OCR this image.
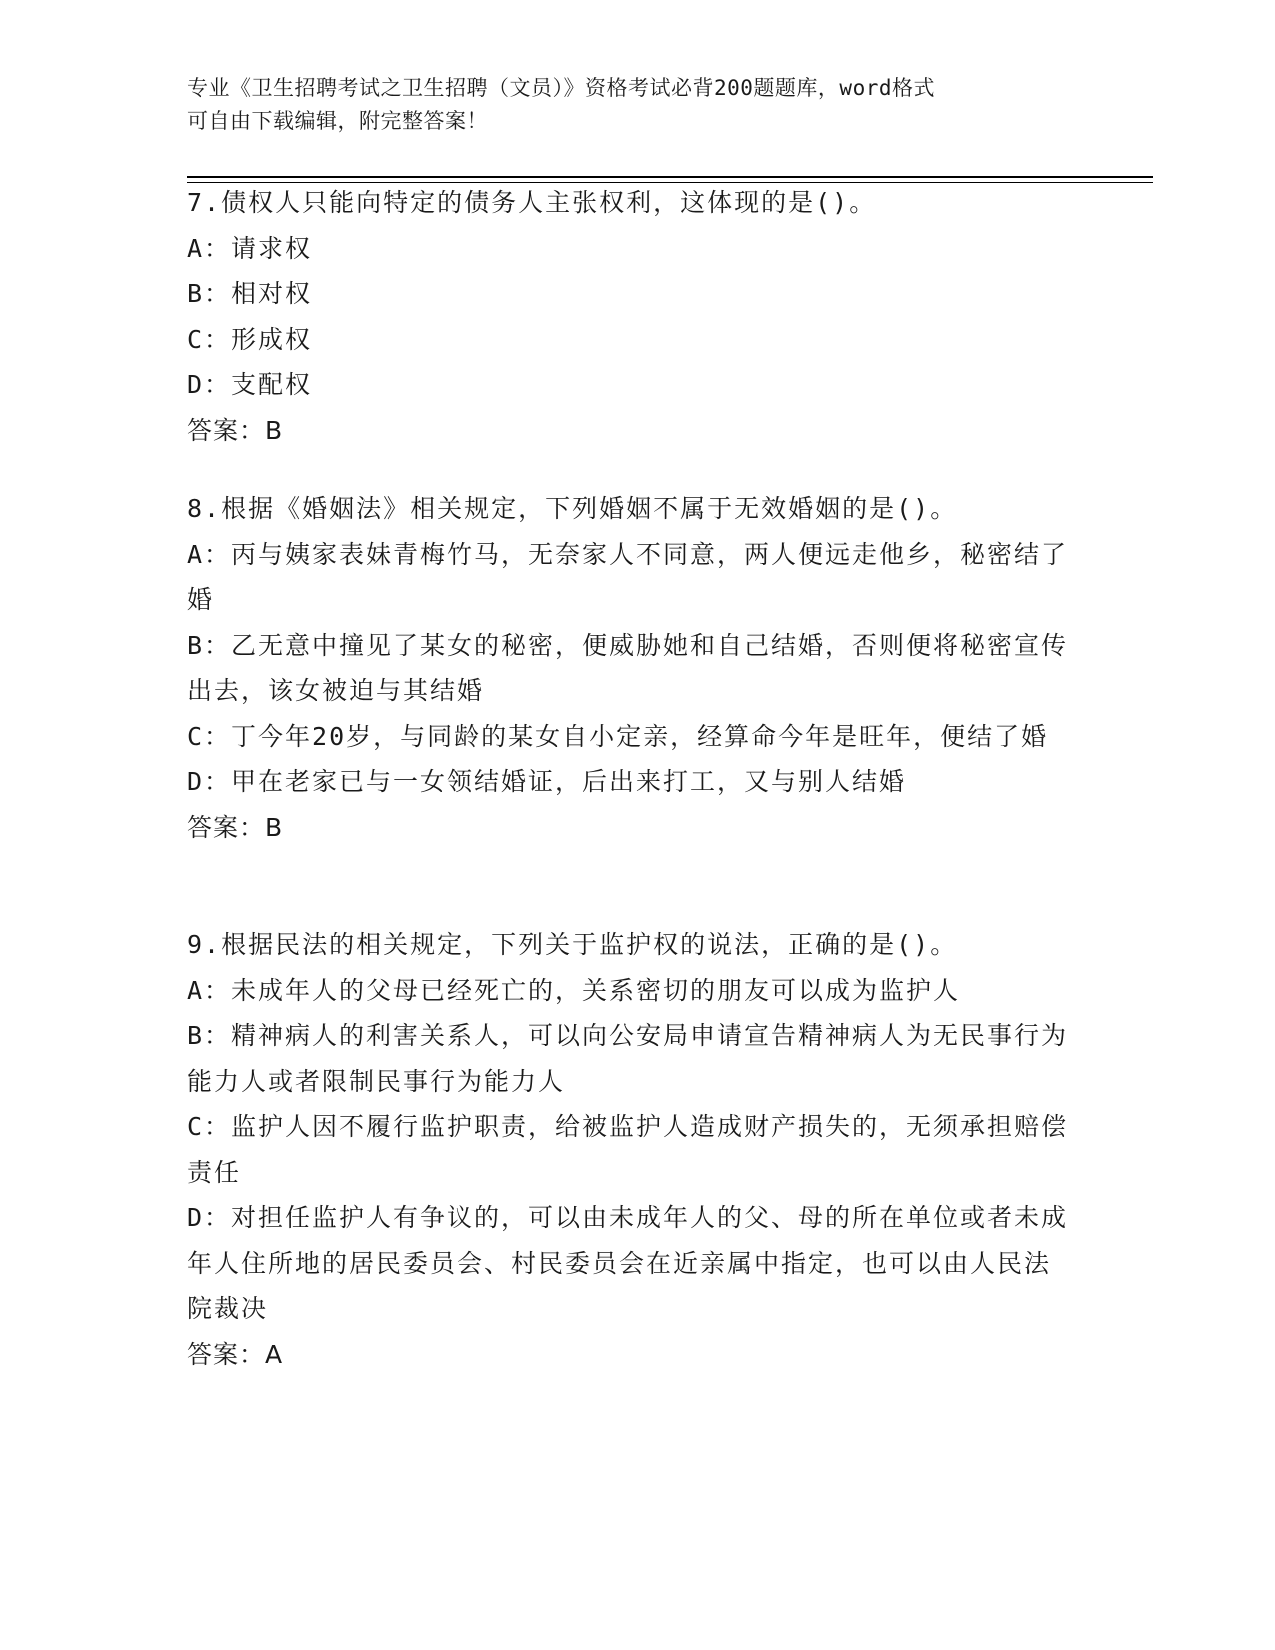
专业《卫生招聘考试之卫生招聘（文员）》资格考试必背200题题库，word格式
可自由下载编辑，附完整答案！
7.债权人只能向特定的债务人主张权利，这体现的是()。
A：请求权
B：相对权
C：形成权
D：支配权
答案：B
8.根据《婚姻法》相关规定，下列婚姻不属于无效婚姻的是()。
A：丙与姨家表妹青梅竹马，无奈家人不同意，两人便远走他乡，秘密结了婚
B：乙无意中撞见了某女的秘密，便威胁她和自己结婚，否则便将秘密宣传出去，该女被迫与其结婚
C：丁今年20岁，与同龄的某女自小定亲，经算命今年是旺年，便结了婚
D：甲在老家已与一女领结婚证，后出来打工，又与别人结婚
答案：B
9.根据民法的相关规定，下列关于监护权的说法，正确的是()。
A：未成年人的父母已经死亡的，关系密切的朋友可以成为监护人
B：精神病人的利害关系人，可以向公安局申请宣告精神病人为无民事行为能力人或者限制民事行为能力人
C：监护人因不履行监护职责，给被监护人造成财产损失的，无须承担赔偿责任
D：对担任监护人有争议的，可以由未成年人的父、母的所在单位或者未成年人住所地的居民委员会、村民委员会在近亲属中指定，也可以由人民法院裁决
答案：A
